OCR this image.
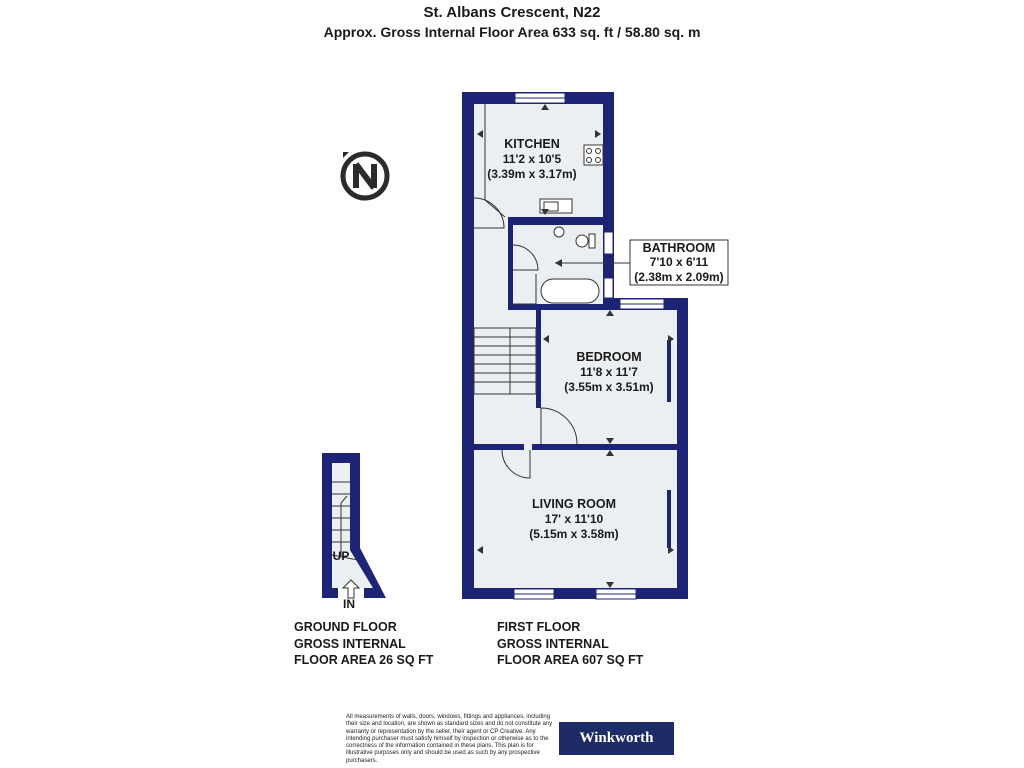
St. Albans Crescent, N22
Approx. Gross Internal Floor Area 633 sq. ft / 58.80 sq. m
KITCHEN
11'2 x 10'5
(3.39m x 3.17m)
BATHROOM
7'10 x 6'11
(2.38m x 2.09m)
BEDROOM
11'8 x 11'7
(3.55m x 3.51m)
LIVING ROOM
17' x 11'10
(5.15m x 3.58m)
UP
IN
GROUND FLOOR
GROSS INTERNAL
FLOOR AREA 26 SQ FT
FIRST FLOOR
GROSS INTERNAL
FLOOR AREA 607 SQ FT
All measurements of walls, doors, windows, fittings and appliances, including their size and location, are shown as standard sizes and do not constitute any warranty or representation by the seller, their agent or CP Creative. Any intending purchaser must satisfy himself by inspection or otherwise as to the correctness of the information contained in these plans. This plan is for illustrative purposes only and should be used as such by any prospective purchasers.
Winkworth
